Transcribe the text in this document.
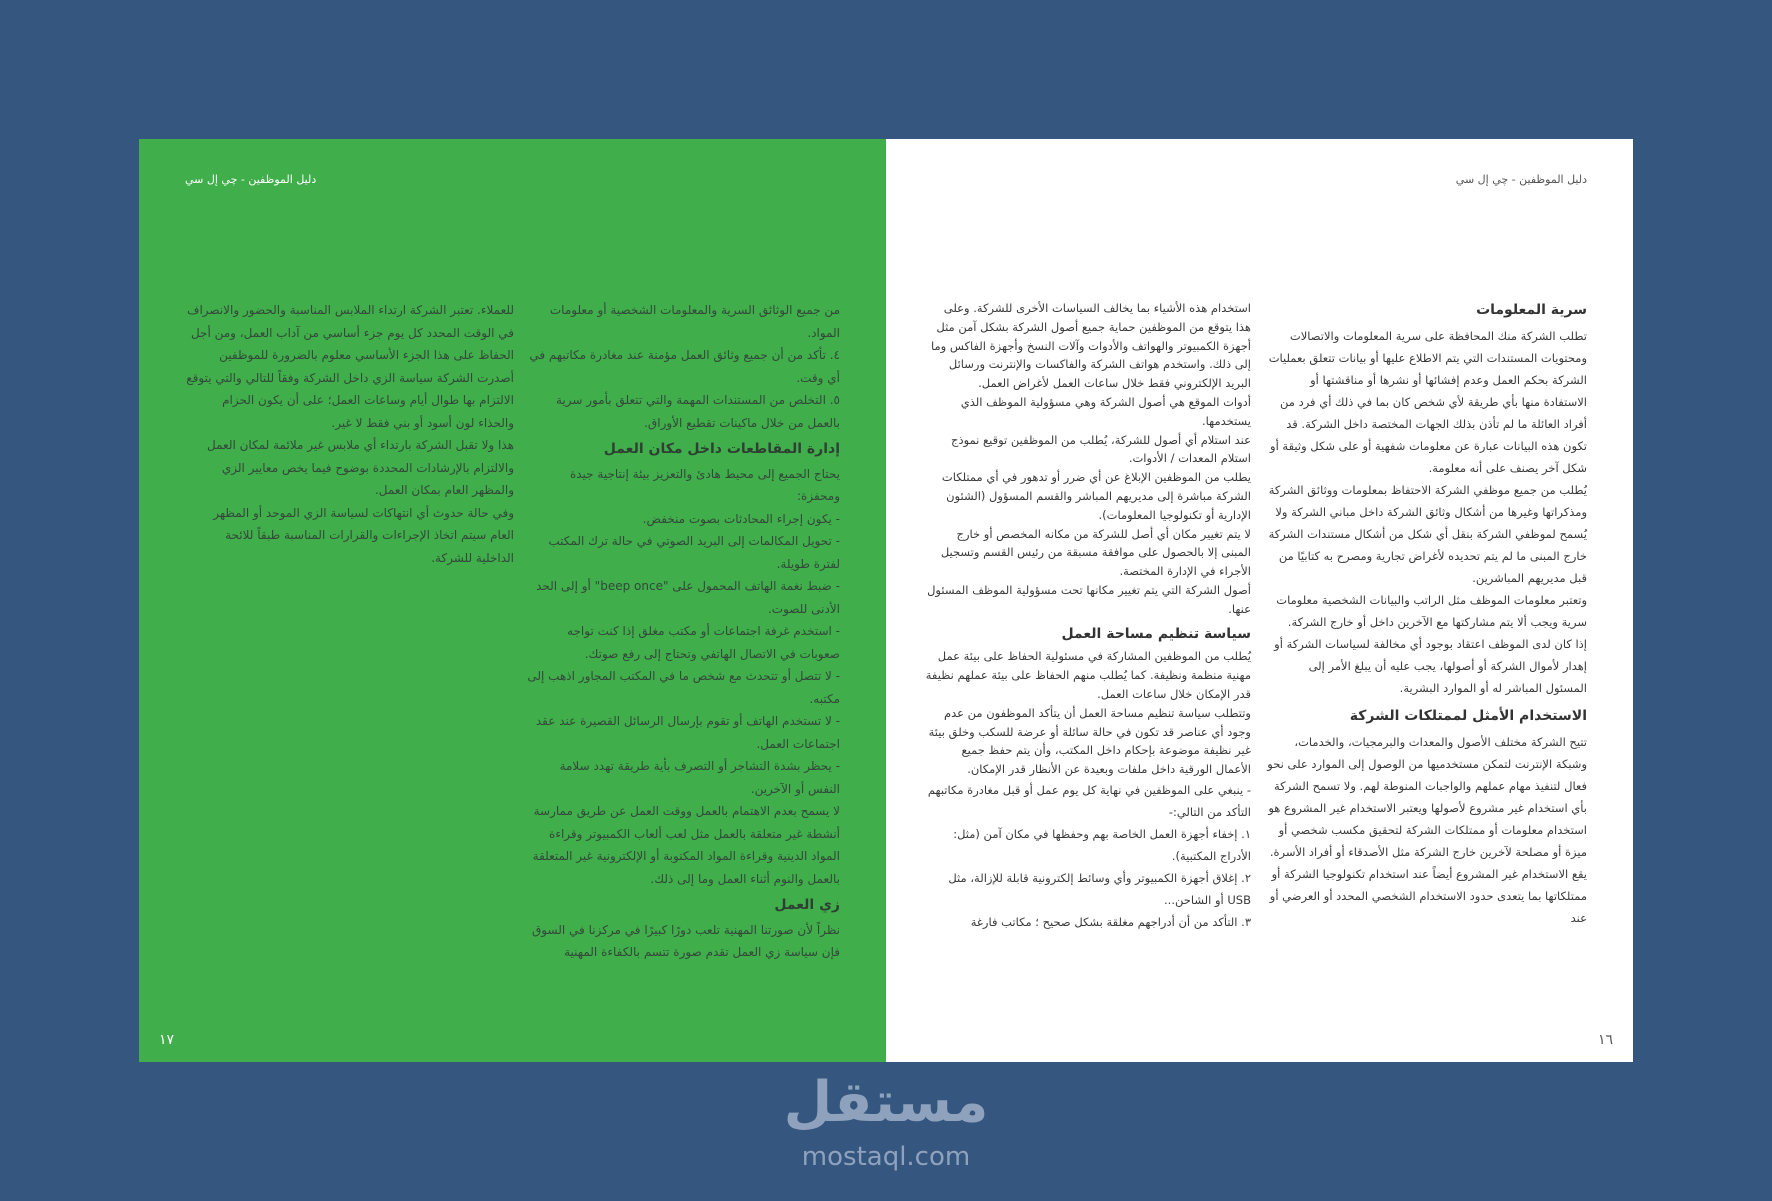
دليل الموظفين - چي إل سي

من جميع الوثائق السرية والمعلومات الشخصية أو معلومات المواد.

٤. تأكد من أن جميع وثائق العمل مؤمنة عند مغادرة مكاتبهم في أي وقت.

٥. التخلص من المستندات المهمة والتي تتعلق بأمور سرية بالعمل من خلال ماكينات تقطيع الأوراق.

إدارة المقاطعات داخل مكان العمل

يحتاج الجميع إلى محيط هادئ والتعزيز بيئة إنتاجية جيدة ومحفزة:

- يكون إجراء المحادثات بصوت منخفض.

- تحويل المكالمات إلى البريد الصوتي في حالة ترك المكتب لفترة طويلة.

- ضبط نغمة الهاتف المحمول على "beep once" أو إلى الحد الأدنى للصوت.

- استخدم غرفة اجتماعات أو مكتب مغلق إذا كنت تواجه صعوبات في الاتصال الهاتفي وتحتاج إلى رفع صوتك.

- لا تتصل أو تتحدث مع شخص ما في المكتب المجاور اذهب إلى مكتبه.

- لا تستخدم الهاتف أو تقوم بإرسال الرسائل القصيرة عند عقد اجتماعات العمل.

- يحظر بشدة التشاجر أو التصرف بأية طريقة تهدد سلامة النفس أو الآخرين.

لا يسمح بعدم الاهتمام بالعمل ووقت العمل عن طريق ممارسة أنشطة غير متعلقة بالعمل مثل لعب ألعاب الكمبيوتر وقراءة المواد الدينية وقراءة المواد المكتوبة أو الإلكترونية غير المتعلقة بالعمل والنوم أثناء العمل وما إلى ذلك.

زي العمل

نظراً لأن صورتنا المهنية تلعب دورًا كبيرًا في مركزنا في السوق فإن سياسة زي العمل تقدم صورة تتسم بالكفاءة المهنية

للعملاء. تعتبر الشركة ارتداء الملابس المناسبة والحضور والانصراف في الوقت المحدد كل يوم جزء أساسي من آداب العمل، ومن أجل الحفاظ على هذا الجزء الأساسي معلوم بالضرورة للموظفين أصدرت الشركة سياسة الزي داخل الشركة وفقاً للتالي والتي يتوقع الالتزام بها طوال أيام وساعات العمل؛ على أن يكون الحزام والحذاء لون أسود أو بني فقط لا غير.

هذا ولا تقبل الشركة بارتداء أي ملابس غير ملائمة لمكان العمل والالتزام بالإرشادات المحددة بوضوح فيما يخص معايير الزي والمظهر العام بمكان العمل.

وفي حالة حدوث أي انتهاكات لسياسة الزي الموحد أو المظهر العام سيتم اتخاذ الإجراءات والقرارات المناسبة طبقاً للائحة الداخلية للشركة.

١٧
دليل الموظفين - چي إل سي
سرية المعلومات

تطلب الشركة منك المحافظة على سرية المعلومات والاتصالات ومحتويات المستندات التي يتم الاطلاع عليها أو بيانات تتعلق بعمليات الشركة بحكم العمل وعدم إفشائها أو نشرها أو مناقشتها أو الاستفادة منها بأي طريقة لأي شخص كان بما في ذلك أي فرد من أفراد العائلة ما لم تأذن بذلك الجهات المختصة داخل الشركة. قد تكون هذه البيانات عبارة عن معلومات شفهية أو على شكل وثيقة أو شكل آخر يصنف على أنه معلومة.

يُطلب من جميع موظفي الشركة الاحتفاظ بمعلومات ووثائق الشركة ومذكراتها وغيرها من أشكال وثائق الشركة داخل مباني الشركة ولا يُسمح لموظفي الشركة بنقل أي شكل من أشكال مستندات الشركة خارج المبنى ما لم يتم تحديده لأغراض تجارية ومصرح به كتابيًا من قبل مديريهم المباشرين.

وتعتبر معلومات الموظف مثل الراتب والبيانات الشخصية معلومات سرية ويجب ألا يتم مشاركتها مع الآخرين داخل أو خارج الشركة.

إذا كان لدى الموظف اعتقاد بوجود أي مخالفة لسياسات الشركة أو إهدار لأموال الشركة أو أصولها، يجب عليه أن يبلغ الأمر إلى المسئول المباشر له أو الموارد البشرية.

الاستخدام الأمثل لممتلكات الشركة

تتيح الشركة مختلف الأصول والمعدات والبرمجيات، والخدمات، وشبكة الإنترنت لتمكن مستخدميها من الوصول إلى الموارد على نحو فعال لتنفيذ مهام عملهم والواجبات المنوطة لهم. ولا تسمح الشركة بأي استخدام غير مشروع لأصولها ويعتبر الاستخدام غير المشروع هو استخدام معلومات أو ممتلكات الشركة لتحقيق مكسب شخصي أو ميزة أو مصلحة لآخرين خارج الشركة مثل الأصدقاء أو أفراد الأسرة. يقع الاستخدام غير المشروع أيضاً عند استخدام تكنولوجيا الشركة أو ممتلكاتها بما يتعدى حدود الاستخدام الشخصي المحدد أو العرضي أو عند

استخدام هذه الأشياء بما يخالف السياسات الأخرى للشركة. وعلى هذا يتوقع من الموظفين حماية جميع أصول الشركة بشكل آمن مثل أجهزة الكمبيوتر والهواتف والأدوات وآلات النسخ وأجهزة الفاكس وما إلى ذلك. واستخدم هواتف الشركة والفاكسات والإنترنت ورسائل البريد الإلكتروني فقط خلال ساعات العمل لأغراض العمل.

أدوات الموقع هي أصول الشركة وهي مسؤولية الموظف الذي يستخدمها.

عند استلام أي أصول للشركة، يُطلب من الموظفين توقيع نموذج استلام المعدات / الأدوات.

يطلب من الموظفين الإبلاغ عن أي ضرر أو تدهور في أي ممتلكات الشركة مباشرة إلى مديريهم المباشر والقسم المسؤول (الشئون الإدارية أو تكنولوجيا المعلومات).

لا يتم تغيير مكان أي أصل للشركة من مكانه المخصص أو خارج المبنى إلا بالحصول على موافقة مسبقة من رئيس القسم وتسجيل الأجراء في الإدارة المختصة.

أصول الشركة التي يتم تغيير مكانها تحت مسؤولية الموظف المسئول عنها.

سياسة تنظيم مساحة العمل

يُطلب من الموظفين المشاركة في مسئولية الحفاظ على بيئة عمل مهنية منظمة ونظيفة. كما يُطلب منهم الحفاظ على بيئة عملهم نظيفة قدر الإمكان خلال ساعات العمل.

وتتطلب سياسة تنظيم مساحة العمل أن يتأكد الموظفون من عدم وجود أي عناصر قد تكون في حالة سائلة أو عرضة للسكب وخلق بيئة غير نظيفة موضوعة بإحكام داخل المكتب، وأن يتم حفظ جميع الأعمال الورقية داخل ملفات وبعيدة عن الأنظار قدر الإمكان.

- ينبغي على الموظفين في نهاية كل يوم عمل أو قبل مغادرة مكاتبهم التأكد من التالي:-

١. إخفاء أجهزة العمل الخاصة بهم وحفظها في مكان آمن (مثل: الأدراج المكتبية).

٢. إغلاق أجهزة الكمبيوتر وأي وسائط إلكترونية قابلة للإزالة، مثل USB أو الشاحن...

٣. التأكد من أن أدراجهم مغلقة بشكل صحيح ؛ مكاتب فارغة

١٦
مستقل
mostaql.com
